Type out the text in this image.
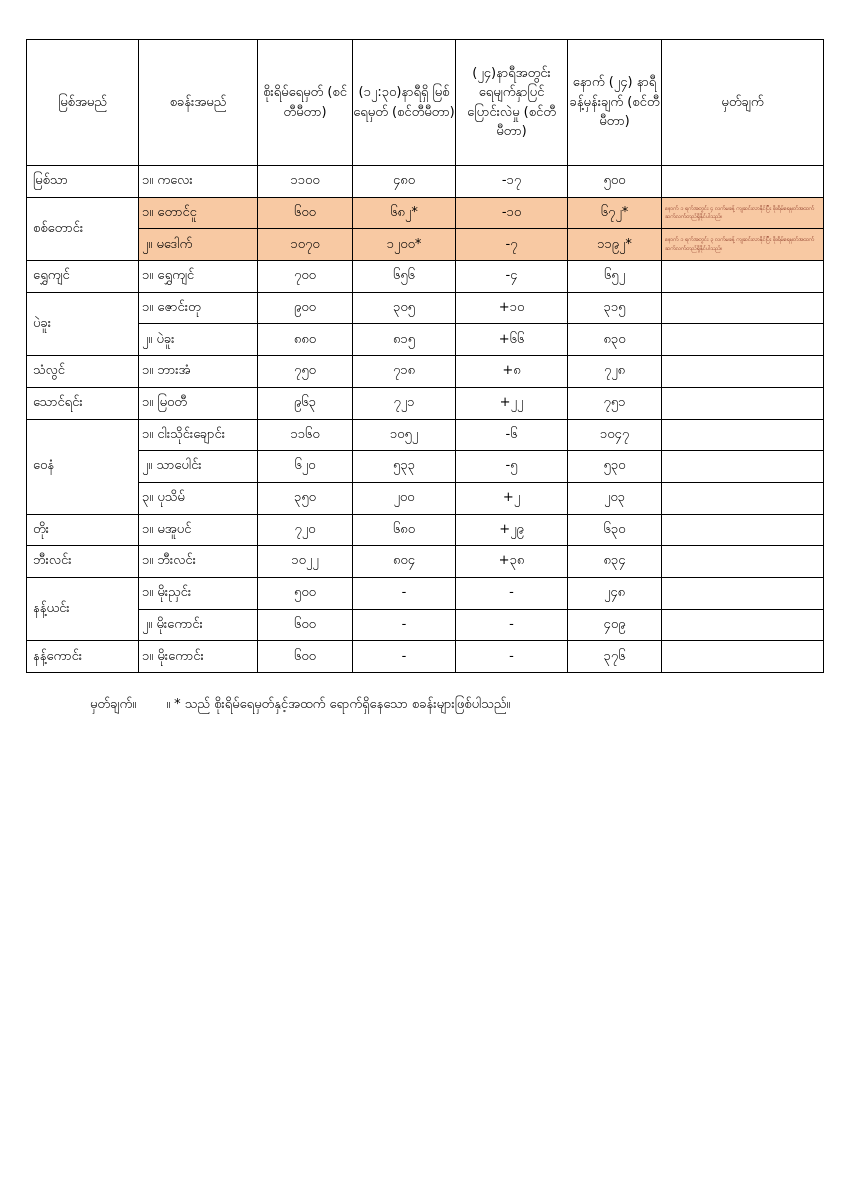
မြစ်အမည်	စခန်းအမည်	စိုးရိမ်ရေမှတ် (စင်တီမီတာ)	(၁၂:၃၀)နာရီရှိ မြစ်ရေမှတ် (စင်တီမီတာ)	(၂၄)နာရီအတွင်း ရေမျက်နှာပြင် ပြောင်းလဲမှု (စင်တီမီတာ)	နောက် (၂၄) နာရီ ခန့်မှန်းချက် (စင်တီမီတာ)	မှတ်ချက်
မြစ်သာ	၁။ ကလေး	၁၁၀၀	၄၈၀	-၁၇	၅၀၀	
စစ်တောင်း	၁။ တောင်ငူ	၆၀၀	၆၈၂*	-၁၀	၆၇၂*	နောက် ၁ ရက်အတွင်း ၄ လက်မခန့် ကျဆင်းလာနိုင်ပြီး စိုးရိမ်ရေမှတ်အထက် ဆက်လက်တည်ရှိနိုင်ပါသည်။
	၂။ မဒေါက်	၁၀၇၀	၁၂၀၀*	-၇	၁၁၉၂*	နောက် ၁ ရက်အတွင်း ၃ လက်မခန့် ကျဆင်းလာနိုင်ပြီး စိုးရိမ်ရေမှတ်အထက် ဆက်လက်တည်ရှိနိုင်ပါသည်။
ရွှေကျင်	၁။ ရွှေကျင်	၇၀၀	၆၅၆	-၄	၆၅၂	
ပဲခူး	၁။ ဇောင်းတု	၉၀၀	၃၀၅	+၁၀	၃၁၅	
	၂။ ပဲခူး	၈၈၀	၈၁၅	+၆၆	၈၃၀	
သံလွင်	၁။ ဘားအံ	၇၅၀	၇၁၈	+၈	၇၂၈	
သောင်ရင်း	၁။ မြဝတီ	၉၆၃	၇၂၁	+၂၂	၇၅၁	
ဝေနံ	၁။ ငါးသိုင်းချောင်း	၁၁၆၀	၁၀၅၂	-၆	၁၀၄၇	
	၂။ သာပေါင်း	၆၂၀	၅၃၃	-၅	၅၃၀	
	၃။ ပုသိမ်	၃၅၀	၂၀၀	+၂	၂၀၃	
တိုး	၁။ မအူပင်	၇၂၀	၆၈၀	+၂၉	၆၃၀	
ဘီးလင်း	၁။ ဘီးလင်း	၁၀၂၂	၈၀၄	+၃၈	၈၃၄	
နန့်ယင်း	၁။ မိုးညှင်း	၅၀၀	-	-	၂၄၈	
	၂။ မိုးကောင်း	၆၀၀	-	-	၄၀၉	
နန့်ကောင်း	၁။ မိုးကောင်း	၆၀၀	-	-	၃၇၆	
မှတ်ချက်။ ။ * သည် စိုးရိမ်ရေမှတ်နှင့်အထက် ရောက်ရှိနေသော စခန်းများဖြစ်ပါသည်။
